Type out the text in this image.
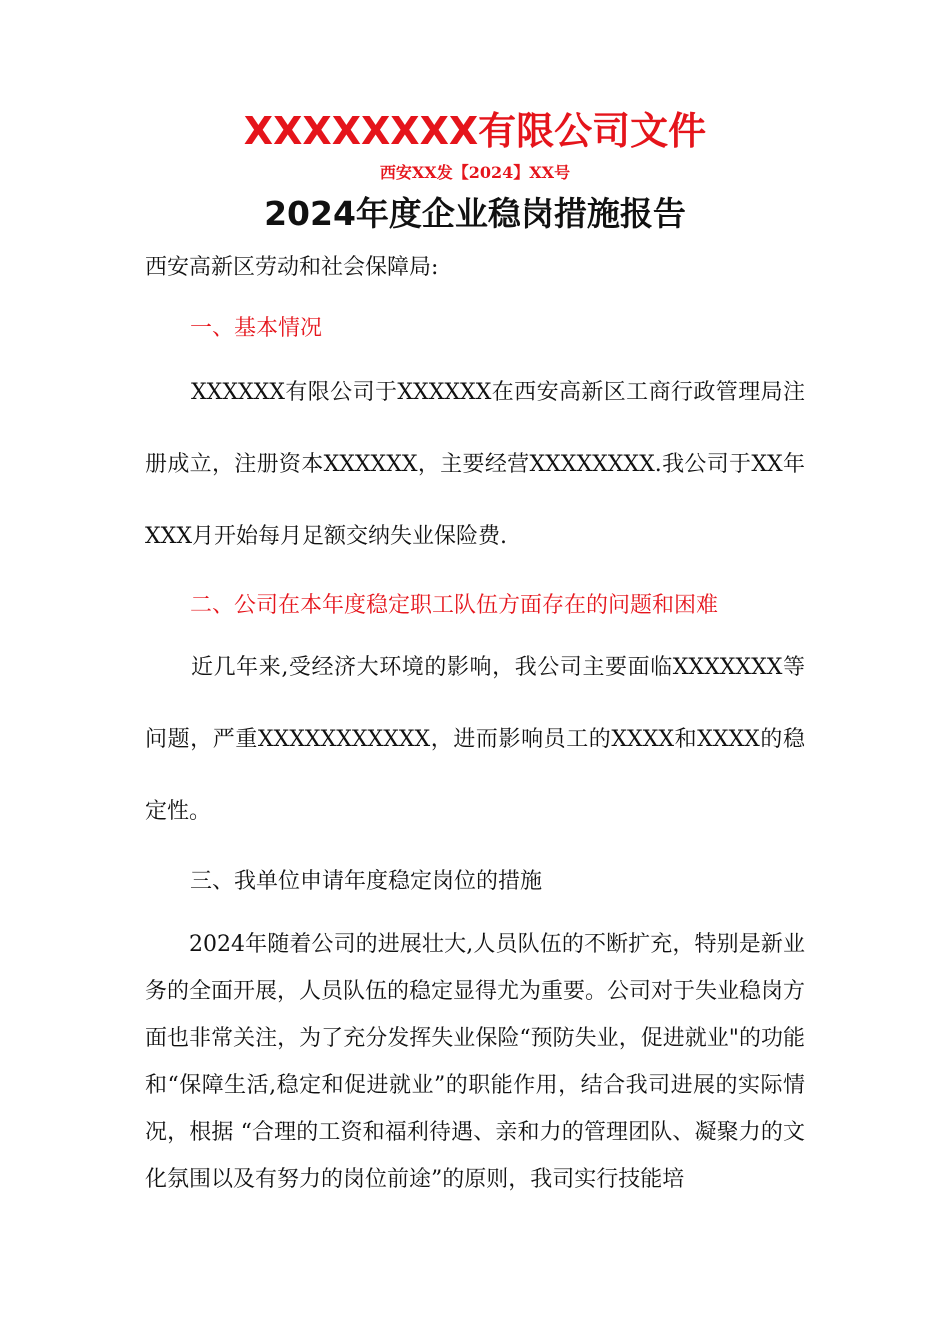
XXXXXXXX有限公司文件
西安XX发【2024】XX号
2024年度企业稳岗措施报告
西安高新区劳动和社会保障局:
一、基本情况
XXXXXX有限公司于XXXXXX在西安高新区工商行政管理局注册成立，注册资本XXXXXX，主要经营XXXXXXXX.我公司于XX年XXX月开始每月足额交纳失业保险费.
二、公司在本年度稳定职工队伍方面存在的问题和困难
近几年来,受经济大环境的影响，我公司主要面临XXXXXXX等问题，严重XXXXXXXXXXX，进而影响员工的XXXX和XXXX的稳定性。
三、我单位申请年度稳定岗位的措施
2024年随着公司的进展壮大,人员队伍的不断扩充，特别是新业务的全面开展，人员队伍的稳定显得尤为重要。公司对于失业稳岗方面也非常关注，为了充分发挥失业保险“预防失业，促进就业"的功能和“保障生活,稳定和促进就业”的职能作用，结合我司进展的实际情况，根据 “合理的工资和福利待遇、亲和力的管理团队、凝聚力的文化氛围以及有努力的岗位前途”的原则，我司实行技能培
